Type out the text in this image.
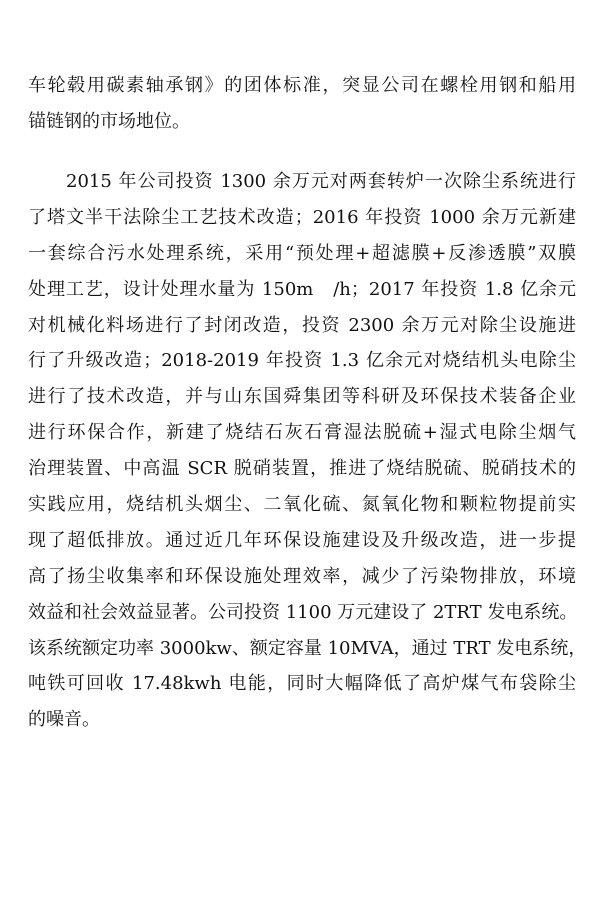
车轮毂用碳素轴承钢》的团体标准，突显公司在螺栓用钢和船用
锚链钢的市场地位。

　　2015 年公司投资 1300 余万元对两套转炉一次除尘系统进行
了塔文半干法除尘工艺技术改造；2016 年投资 1000 余万元新建
一套综合污水处理系统，采用“预处理+超滤膜+反渗透膜”双膜
处理工艺，设计处理水量为 150m　/h；2017 年投资 1.8 亿余元
对机械化料场进行了封闭改造，投资 2300 余万元对除尘设施进
行了升级改造；2018-2019 年投资 1.3 亿余元对烧结机头电除尘
进行了技术改造，并与山东国舜集团等科研及环保技术装备企业
进行环保合作，新建了烧结石灰石膏湿法脱硫+湿式电除尘烟气
治理装置、中高温 SCR 脱硝装置，推进了烧结脱硫、脱硝技术的
实践应用，烧结机头烟尘、二氧化硫、氮氧化物和颗粒物提前实
现了超低排放。通过近几年环保设施建设及升级改造，进一步提
高了扬尘收集率和环保设施处理效率，减少了污染物排放，环境
效益和社会效益显著。公司投资 1100 万元建设了 2TRT 发电系统。
该系统额定功率 3000kw、额定容量 10MVA，通过 TRT 发电系统，
吨铁可回收 17.48kwh 电能，同时大幅降低了高炉煤气布袋除尘
的噪音。
